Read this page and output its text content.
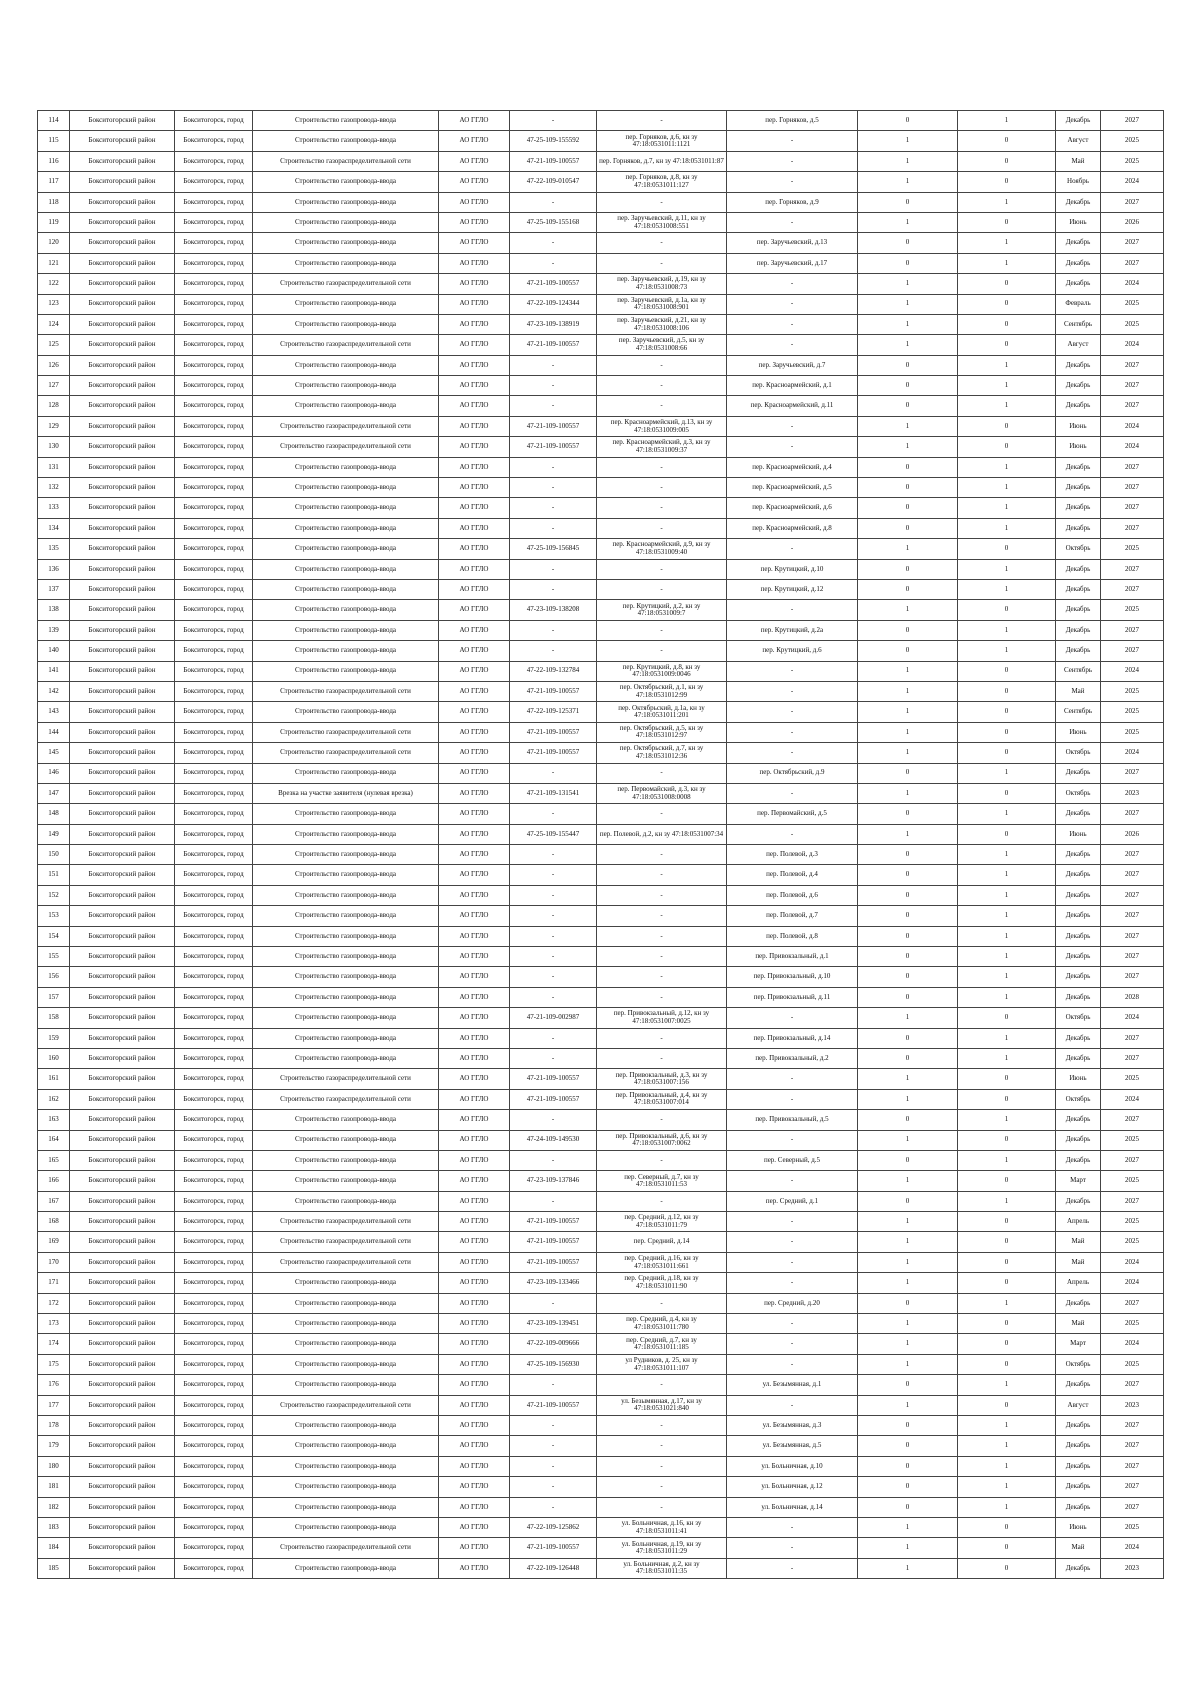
114	Бокситогорский район	Бокситогорск, город	Строительство газопровода-ввода	АО ГГЛО	-	-	пер. Горняков, д.5	0	1	Декабрь	2027
115	Бокситогорский район	Бокситогорск, город	Строительство газопровода-ввода	АО ГГЛО	47-25-109-155592	пер. Горняков, д.6, кн зу 47:18:0531011:1121	-	1	0	Август	2025
116	Бокситогорский район	Бокситогорск, город	Строительство газораспределительной сети	АО ГГЛО	47-21-109-100557	пер. Горняков, д.7, кн зу 47:18:0531011:87	-	1	0	Май	2025
117	Бокситогорский район	Бокситогорск, город	Строительство газопровода-ввода	АО ГГЛО	47-22-109-010547	пер. Горняков, д.8, кн зу 47:18:0531011:127	-	1	0	Ноябрь	2024
118	Бокситогорский район	Бокситогорск, город	Строительство газопровода-ввода	АО ГГЛО	-	-	пер. Горняков, д.9	0	1	Декабрь	2027
119	Бокситогорский район	Бокситогорск, город	Строительство газопровода-ввода	АО ГГЛО	47-25-109-155168	пер. Заручьевский, д.11, кн зу 47:18:0531008:551	-	1	0	Июнь	2026
120	Бокситогорский район	Бокситогорск, город	Строительство газопровода-ввода	АО ГГЛО	-	-	пер. Заручьевский, д.13	0	1	Декабрь	2027
121	Бокситогорский район	Бокситогорск, город	Строительство газопровода-ввода	АО ГГЛО	-	-	пер. Заручьевский, д.17	0	1	Декабрь	2027
122	Бокситогорский район	Бокситогорск, город	Строительство газораспределительной сети	АО ГГЛО	47-21-109-100557	пер. Заручьевский, д.19, кн зу 47:18:0531008:73	-	1	0	Декабрь	2024
123	Бокситогорский район	Бокситогорск, город	Строительство газопровода-ввода	АО ГГЛО	47-22-109-124344	пер. Заручьевский, д.1а, кн зу 47:18:0531008:901	-	1	0	Февраль	2025
124	Бокситогорский район	Бокситогорск, город	Строительство газопровода-ввода	АО ГГЛО	47-23-109-138919	пер. Заручьевский, д.21, кн зу 47:18:0531008:106	-	1	0	Сентябрь	2025
125	Бокситогорский район	Бокситогорск, город	Строительство газораспределительной сети	АО ГГЛО	47-21-109-100557	пер. Заручьевский, д.5, кн зу 47:18:0531008:66	-	1	0	Август	2024
126	Бокситогорский район	Бокситогорск, город	Строительство газопровода-ввода	АО ГГЛО	-	-	пер. Заручьевский, д.7	0	1	Декабрь	2027
127	Бокситогорский район	Бокситогорск, город	Строительство газопровода-ввода	АО ГГЛО	-	-	пер. Красноармейский, д.1	0	1	Декабрь	2027
128	Бокситогорский район	Бокситогорск, город	Строительство газопровода-ввода	АО ГГЛО	-	-	пер. Красноармейский, д.11	0	1	Декабрь	2027
129	Бокситогорский район	Бокситогорск, город	Строительство газораспределительной сети	АО ГГЛО	47-21-109-100557	пер. Красноармейский, д.13, кн зу 47:18:0531009:005	-	1	0	Июнь	2024
130	Бокситогорский район	Бокситогорск, город	Строительство газораспределительной сети	АО ГГЛО	47-21-109-100557	пер. Красноармейский, д.3, кн зу 47:18:0531009:37	-	1	0	Июнь	2024
131	Бокситогорский район	Бокситогорск, город	Строительство газопровода-ввода	АО ГГЛО	-	-	пер. Красноармейский, д.4	0	1	Декабрь	2027
132	Бокситогорский район	Бокситогорск, город	Строительство газопровода-ввода	АО ГГЛО	-	-	пер. Красноармейский, д.5	0	1	Декабрь	2027
133	Бокситогорский район	Бокситогорск, город	Строительство газопровода-ввода	АО ГГЛО	-	-	пер. Красноармейский, д.6	0	1	Декабрь	2027
134	Бокситогорский район	Бокситогорск, город	Строительство газопровода-ввода	АО ГГЛО	-	-	пер. Красноармейский, д.8	0	1	Декабрь	2027
135	Бокситогорский район	Бокситогорск, город	Строительство газопровода-ввода	АО ГГЛО	47-25-109-156845	пер. Красноармейский, д.9, кн зу 47:18:0531009:40	-	1	0	Октябрь	2025
136	Бокситогорский район	Бокситогорск, город	Строительство газопровода-ввода	АО ГГЛО	-	-	пер. Крутицкий, д.10	0	1	Декабрь	2027
137	Бокситогорский район	Бокситогорск, город	Строительство газопровода-ввода	АО ГГЛО	-	-	пер. Крутицкий, д.12	0	1	Декабрь	2027
138	Бокситогорский район	Бокситогорск, город	Строительство газопровода-ввода	АО ГГЛО	47-23-109-138208	пер. Крутицкий, д.2, кн зу 47:18:0531009:7	-	1	0	Декабрь	2025
139	Бокситогорский район	Бокситогорск, город	Строительство газопровода-ввода	АО ГГЛО	-	-	пер. Крутицкий, д.2а	0	1	Декабрь	2027
140	Бокситогорский район	Бокситогорск, город	Строительство газопровода-ввода	АО ГГЛО	-	-	пер. Крутицкий, д.6	0	1	Декабрь	2027
141	Бокситогорский район	Бокситогорск, город	Строительство газопровода-ввода	АО ГГЛО	47-22-109-132784	пер. Крутицкий, д.8, кн зу 47:18:0531009:0046	-	1	0	Сентябрь	2024
142	Бокситогорский район	Бокситогорск, город	Строительство газораспределительной сети	АО ГГЛО	47-21-109-100557	пер. Октябрьский, д.1, кн зу 47:18:0531012:99	-	1	0	Май	2025
143	Бокситогорский район	Бокситогорск, город	Строительство газопровода-ввода	АО ГГЛО	47-22-109-125371	пер. Октябрьский, д.1а, кн зу 47:18:0531011:201	-	1	0	Сентябрь	2025
144	Бокситогорский район	Бокситогорск, город	Строительство газораспределительной сети	АО ГГЛО	47-21-109-100557	пер. Октябрьский, д.5, кн зу 47:18:0531012:97	-	1	0	Июнь	2025
145	Бокситогорский район	Бокситогорск, город	Строительство газораспределительной сети	АО ГГЛО	47-21-109-100557	пер. Октябрьский, д.7, кн зу 47:18:0531012:36	-	1	0	Октябрь	2024
146	Бокситогорский район	Бокситогорск, город	Строительство газопровода-ввода	АО ГГЛО	-	-	пер. Октябрьский, д.9	0	1	Декабрь	2027
147	Бокситогорский район	Бокситогорск, город	Врезка на участке заявителя (нулевая врезка)	АО ГГЛО	47-21-109-131541	пер. Первомайский, д.3, кн зу 47:18:0531008:0008	-	1	0	Октябрь	2023
148	Бокситогорский район	Бокситогорск, город	Строительство газопровода-ввода	АО ГГЛО	-	-	пер. Первомайский, д.5	0	1	Декабрь	2027
149	Бокситогорский район	Бокситогорск, город	Строительство газопровода-ввода	АО ГГЛО	47-25-109-155447	пер. Полевой, д.2, кн зу 47:18:0531007:34	-	1	0	Июнь	2026
150	Бокситогорский район	Бокситогорск, город	Строительство газопровода-ввода	АО ГГЛО	-	-	пер. Полевой, д.3	0	1	Декабрь	2027
151	Бокситогорский район	Бокситогорск, город	Строительство газопровода-ввода	АО ГГЛО	-	-	пер. Полевой, д.4	0	1	Декабрь	2027
152	Бокситогорский район	Бокситогорск, город	Строительство газопровода-ввода	АО ГГЛО	-	-	пер. Полевой, д.6	0	1	Декабрь	2027
153	Бокситогорский район	Бокситогорск, город	Строительство газопровода-ввода	АО ГГЛО	-	-	пер. Полевой, д.7	0	1	Декабрь	2027
154	Бокситогорский район	Бокситогорск, город	Строительство газопровода-ввода	АО ГГЛО	-	-	пер. Полевой, д.8	0	1	Декабрь	2027
155	Бокситогорский район	Бокситогорск, город	Строительство газопровода-ввода	АО ГГЛО	-	-	пер. Привокзальный, д.1	0	1	Декабрь	2027
156	Бокситогорский район	Бокситогорск, город	Строительство газопровода-ввода	АО ГГЛО	-	-	пер. Привокзальный, д.10	0	1	Декабрь	2027
157	Бокситогорский район	Бокситогорск, город	Строительство газопровода-ввода	АО ГГЛО	-	-	пер. Привокзальный, д.11	0	1	Декабрь	2028
158	Бокситогорский район	Бокситогорск, город	Строительство газопровода-ввода	АО ГГЛО	47-21-109-002987	пер. Привокзальный, д.12, кн зу 47:18:0531007:0025	-	1	0	Октябрь	2024
159	Бокситогорский район	Бокситогорск, город	Строительство газопровода-ввода	АО ГГЛО	-	-	пер. Привокзальный, д.14	0	1	Декабрь	2027
160	Бокситогорский район	Бокситогорск, город	Строительство газопровода-ввода	АО ГГЛО	-	-	пер. Привокзальный, д.2	0	1	Декабрь	2027
161	Бокситогорский район	Бокситогорск, город	Строительство газораспределительной сети	АО ГГЛО	47-21-109-100557	пер. Привокзальный, д.3, кн зу 47:18:0531007:156	-	1	0	Июнь	2025
162	Бокситогорский район	Бокситогорск, город	Строительство газораспределительной сети	АО ГГЛО	47-21-109-100557	пер. Привокзальный, д.4, кн зу 47:18:0531007:014	-	1	0	Октябрь	2024
163	Бокситогорский район	Бокситогорск, город	Строительство газопровода-ввода	АО ГГЛО	-	-	пер. Привокзальный, д.5	0	1	Декабрь	2027
164	Бокситогорский район	Бокситогорск, город	Строительство газопровода-ввода	АО ГГЛО	47-24-109-149530	пер. Привокзальный, д.6, кн зу 47:18:0531007:0062	-	1	0	Декабрь	2025
165	Бокситогорский район	Бокситогорск, город	Строительство газопровода-ввода	АО ГГЛО	-	-	пер. Северный, д.5	0	1	Декабрь	2027
166	Бокситогорский район	Бокситогорск, город	Строительство газопровода-ввода	АО ГГЛО	47-23-109-137846	пер. Северный, д.7, кн зу 47:18:0531011:53	-	1	0	Март	2025
167	Бокситогорский район	Бокситогорск, город	Строительство газопровода-ввода	АО ГГЛО	-	-	пер. Средний, д.1	0	1	Декабрь	2027
168	Бокситогорский район	Бокситогорск, город	Строительство газораспределительной сети	АО ГГЛО	47-21-109-100557	пер. Средний, д.12, кн зу 47:18:0531011:79	-	1	0	Апрель	2025
169	Бокситогорский район	Бокситогорск, город	Строительство газораспределительной сети	АО ГГЛО	47-21-109-100557	пер. Средний, д.14	-	1	0	Май	2025
170	Бокситогорский район	Бокситогорск, город	Строительство газораспределительной сети	АО ГГЛО	47-21-109-100557	пер. Средний, д.16, кн зу 47:18:0531011:661	-	1	0	Май	2024
171	Бокситогорский район	Бокситогорск, город	Строительство газопровода-ввода	АО ГГЛО	47-23-109-133466	пер. Средний, д.18, кн зу 47:18:0531011:90	-	1	0	Апрель	2024
172	Бокситогорский район	Бокситогорск, город	Строительство газопровода-ввода	АО ГГЛО	-	-	пер. Средний, д.20	0	1	Декабрь	2027
173	Бокситогорский район	Бокситогорск, город	Строительство газопровода-ввода	АО ГГЛО	47-23-109-139451	пер. Средний, д.4, кн зу 47:18:0531011:780	-	1	0	Май	2025
174	Бокситогорский район	Бокситогорск, город	Строительство газопровода-ввода	АО ГГЛО	47-22-109-009666	пер. Средний, д.7, кн зу 47:18:0531011:185	-	1	0	Март	2024
175	Бокситогорский район	Бокситогорск, город	Строительство газопровода-ввода	АО ГГЛО	47-25-109-156930	ул Рудников, д. 25, кн зу 47:18:0531011:107	-	1	0	Октябрь	2025
176	Бокситогорский район	Бокситогорск, город	Строительство газопровода-ввода	АО ГГЛО	-	-	ул. Безымянная, д.1	0	1	Декабрь	2027
177	Бокситогорский район	Бокситогорск, город	Строительство газораспределительной сети	АО ГГЛО	47-21-109-100557	ул. Безымянная, д.17, кн зу 47:18:0531021:840	-	1	0	Август	2023
178	Бокситогорский район	Бокситогорск, город	Строительство газопровода-ввода	АО ГГЛО	-	-	ул. Безымянная, д.3	0	1	Декабрь	2027
179	Бокситогорский район	Бокситогорск, город	Строительство газопровода-ввода	АО ГГЛО	-	-	ул. Безымянная, д.5	0	1	Декабрь	2027
180	Бокситогорский район	Бокситогорск, город	Строительство газопровода-ввода	АО ГГЛО	-	-	ул. Больничная, д.10	0	1	Декабрь	2027
181	Бокситогорский район	Бокситогорск, город	Строительство газопровода-ввода	АО ГГЛО	-	-	ул. Больничная, д.12	0	1	Декабрь	2027
182	Бокситогорский район	Бокситогорск, город	Строительство газопровода-ввода	АО ГГЛО	-	-	ул. Больничная, д.14	0	1	Декабрь	2027
183	Бокситогорский район	Бокситогорск, город	Строительство газопровода-ввода	АО ГГЛО	47-22-109-125862	ул. Больничная, д.16, кн зу 47:18:0531011:41	-	1	0	Июнь	2025
184	Бокситогорский район	Бокситогорск, город	Строительство газораспределительной сети	АО ГГЛО	47-21-109-100557	ул. Больничная, д.19, кн зу 47:18:0531011:29	-	1	0	Май	2024
185	Бокситогорский район	Бокситогорск, город	Строительство газопровода-ввода	АО ГГЛО	47-22-109-126448	ул. Больничная, д.2, кн зу 47:18:0531011:35	-	1	0	Декабрь	2023
